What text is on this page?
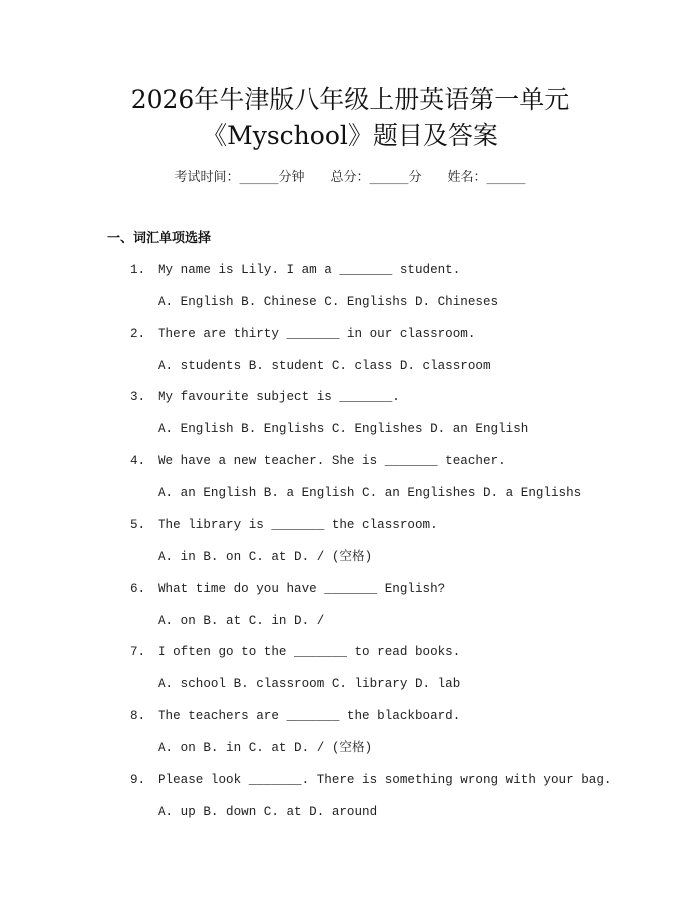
2026年牛津版八年级上册英语第一单元
《Myschool》题目及答案
考试时间：______分钟 总分：______分 姓名：______
一、词汇单项选择

1.

My name is Lily. I am a _______ student.

A. English B. Chinese C. Englishs D. Chineses

2.

There are thirty _______ in our classroom.

A. students B. student C. class D. classroom

3.

My favourite subject is _______.

A. English B. Englishs C. Englishes D. an English

4.

We have a new teacher. She is _______ teacher.

A. an English B. a English C. an Englishes D. a Englishs

5.

The library is _______ the classroom.

A. in B. on C. at D. / (空格)

6.

What time do you have _______ English?

A. on B. at C. in D. /

7.

I often go to the _______ to read books.

A. school B. classroom C. library D. lab

8.

The teachers are _______ the blackboard.

A. on B. in C. at D. / (空格)

9.

Please look _______. There is something wrong with your bag.

A. up B. down C. at D. around
